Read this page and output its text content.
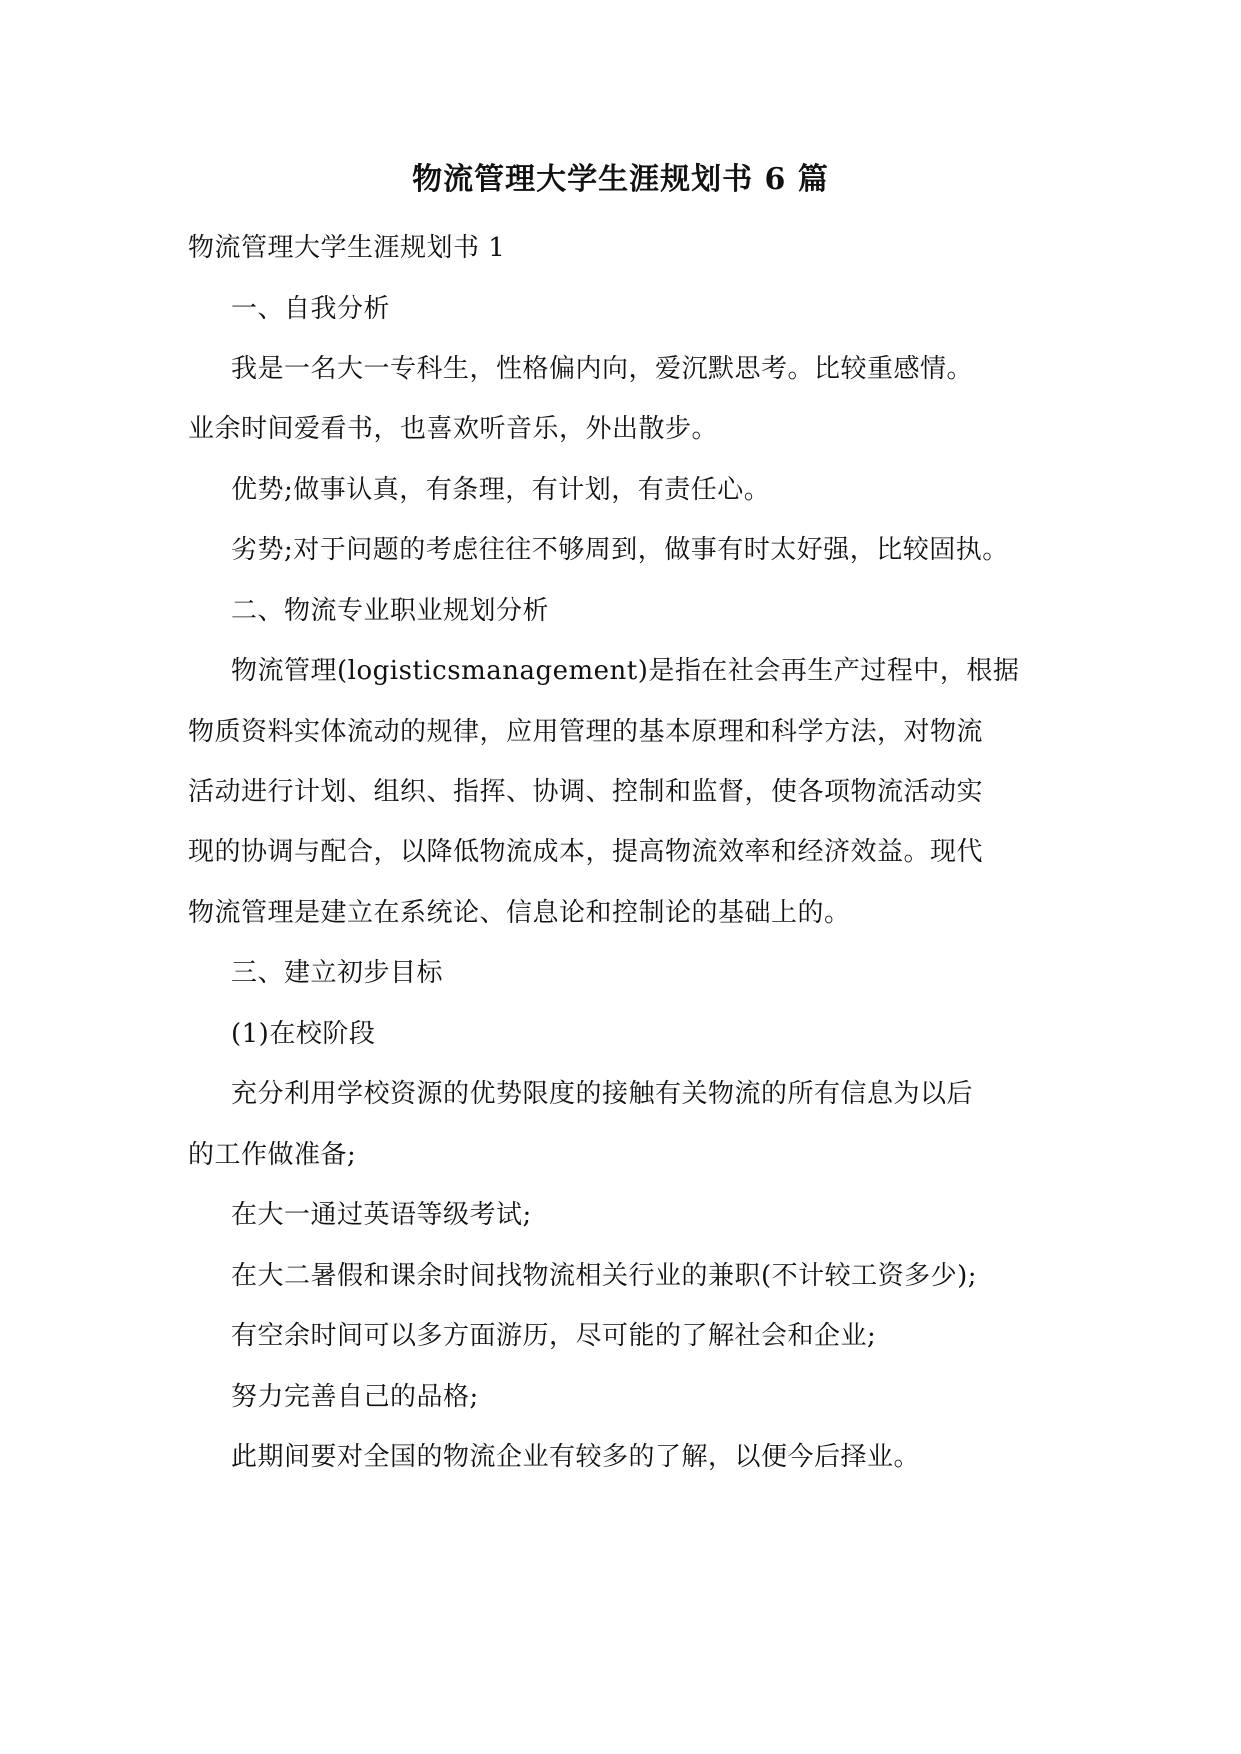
物流管理大学生涯规划书 6 篇
物流管理大学生涯规划书 1
一、自我分析
我是一名大一专科生，性格偏内向，爱沉默思考。比较重感情。
业余时间爱看书，也喜欢听音乐，外出散步。
优势;做事认真，有条理，有计划，有责任心。
劣势;对于问题的考虑往往不够周到，做事有时太好强，比较固执。
二、物流专业职业规划分析
物流管理(logisticsmanagement)是指在社会再生产过程中，根据
物质资料实体流动的规律，应用管理的基本原理和科学方法，对物流
活动进行计划、组织、指挥、协调、控制和监督，使各项物流活动实
现的协调与配合，以降低物流成本，提高物流效率和经济效益。现代
物流管理是建立在系统论、信息论和控制论的基础上的。
三、建立初步目标
(1)在校阶段
充分利用学校资源的优势限度的接触有关物流的所有信息为以后
的工作做准备;
在大一通过英语等级考试;
在大二暑假和课余时间找物流相关行业的兼职(不计较工资多少);
有空余时间可以多方面游历，尽可能的了解社会和企业;
努力完善自己的品格;
此期间要对全国的物流企业有较多的了解，以便今后择业。
